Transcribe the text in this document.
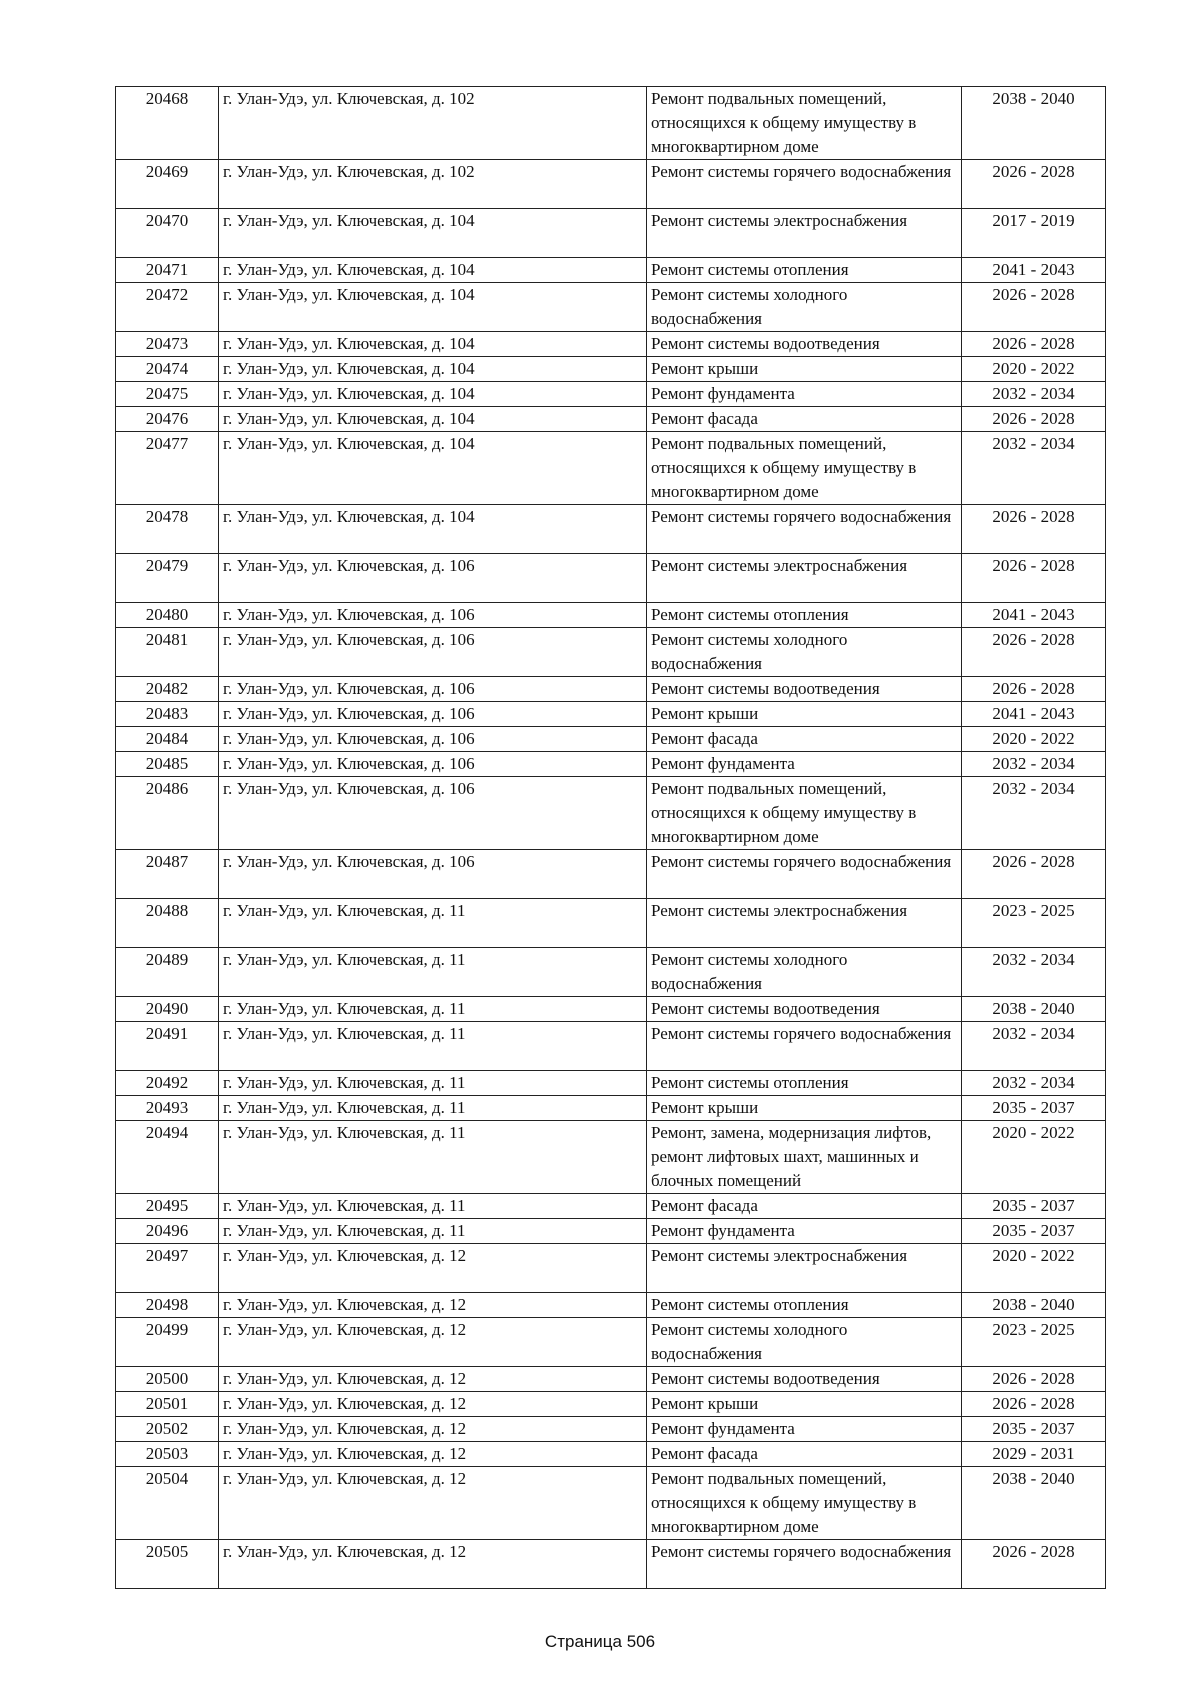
20468	г. Улан-Удэ, ул. Ключевская, д. 102	Ремонт подвальных помещений, относящихся к общему имуществу в многоквартирном доме	2038 - 2040
20469	г. Улан-Удэ, ул. Ключевская, д. 102	Ремонт системы горячего водоснабжения	2026 - 2028
20470	г. Улан-Удэ, ул. Ключевская, д. 104	Ремонт системы электроснабжения	2017 - 2019
20471	г. Улан-Удэ, ул. Ключевская, д. 104	Ремонт системы отопления	2041 - 2043
20472	г. Улан-Удэ, ул. Ключевская, д. 104	Ремонт системы холодного водоснабжения	2026 - 2028
20473	г. Улан-Удэ, ул. Ключевская, д. 104	Ремонт системы водоотведения	2026 - 2028
20474	г. Улан-Удэ, ул. Ключевская, д. 104	Ремонт крыши	2020 - 2022
20475	г. Улан-Удэ, ул. Ключевская, д. 104	Ремонт фундамента	2032 - 2034
20476	г. Улан-Удэ, ул. Ключевская, д. 104	Ремонт фасада	2026 - 2028
20477	г. Улан-Удэ, ул. Ключевская, д. 104	Ремонт подвальных помещений, относящихся к общему имуществу в многоквартирном доме	2032 - 2034
20478	г. Улан-Удэ, ул. Ключевская, д. 104	Ремонт системы горячего водоснабжения	2026 - 2028
20479	г. Улан-Удэ, ул. Ключевская, д. 106	Ремонт системы электроснабжения	2026 - 2028
20480	г. Улан-Удэ, ул. Ключевская, д. 106	Ремонт системы отопления	2041 - 2043
20481	г. Улан-Удэ, ул. Ключевская, д. 106	Ремонт системы холодного водоснабжения	2026 - 2028
20482	г. Улан-Удэ, ул. Ключевская, д. 106	Ремонт системы водоотведения	2026 - 2028
20483	г. Улан-Удэ, ул. Ключевская, д. 106	Ремонт крыши	2041 - 2043
20484	г. Улан-Удэ, ул. Ключевская, д. 106	Ремонт фасада	2020 - 2022
20485	г. Улан-Удэ, ул. Ключевская, д. 106	Ремонт фундамента	2032 - 2034
20486	г. Улан-Удэ, ул. Ключевская, д. 106	Ремонт подвальных помещений, относящихся к общему имуществу в многоквартирном доме	2032 - 2034
20487	г. Улан-Удэ, ул. Ключевская, д. 106	Ремонт системы горячего водоснабжения	2026 - 2028
20488	г. Улан-Удэ, ул. Ключевская, д. 11	Ремонт системы электроснабжения	2023 - 2025
20489	г. Улан-Удэ, ул. Ключевская, д. 11	Ремонт системы холодного водоснабжения	2032 - 2034
20490	г. Улан-Удэ, ул. Ключевская, д. 11	Ремонт системы водоотведения	2038 - 2040
20491	г. Улан-Удэ, ул. Ключевская, д. 11	Ремонт системы горячего водоснабжения	2032 - 2034
20492	г. Улан-Удэ, ул. Ключевская, д. 11	Ремонт системы отопления	2032 - 2034
20493	г. Улан-Удэ, ул. Ключевская, д. 11	Ремонт крыши	2035 - 2037
20494	г. Улан-Удэ, ул. Ключевская, д. 11	Ремонт, замена, модернизация лифтов, ремонт лифтовых шахт, машинных и блочных помещений	2020 - 2022
20495	г. Улан-Удэ, ул. Ключевская, д. 11	Ремонт фасада	2035 - 2037
20496	г. Улан-Удэ, ул. Ключевская, д. 11	Ремонт фундамента	2035 - 2037
20497	г. Улан-Удэ, ул. Ключевская, д. 12	Ремонт системы электроснабжения	2020 - 2022
20498	г. Улан-Удэ, ул. Ключевская, д. 12	Ремонт системы отопления	2038 - 2040
20499	г. Улан-Удэ, ул. Ключевская, д. 12	Ремонт системы холодного водоснабжения	2023 - 2025
20500	г. Улан-Удэ, ул. Ключевская, д. 12	Ремонт системы водоотведения	2026 - 2028
20501	г. Улан-Удэ, ул. Ключевская, д. 12	Ремонт крыши	2026 - 2028
20502	г. Улан-Удэ, ул. Ключевская, д. 12	Ремонт фундамента	2035 - 2037
20503	г. Улан-Удэ, ул. Ключевская, д. 12	Ремонт фасада	2029 - 2031
20504	г. Улан-Удэ, ул. Ключевская, д. 12	Ремонт подвальных помещений, относящихся к общему имуществу в многоквартирном доме	2038 - 2040
20505	г. Улан-Удэ, ул. Ключевская, д. 12	Ремонт системы горячего водоснабжения	2026 - 2028
Страница 506
